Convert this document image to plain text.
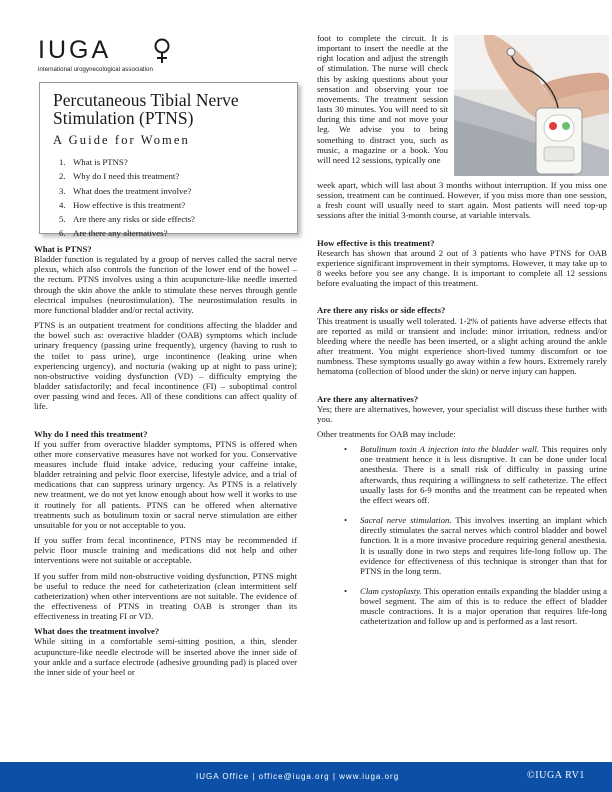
IUGA
international urogynecological association
Percutaneous Tibial Nerve Stimulation (PTNS)
A Guide for Women
1. What is PTNS?
2. Why do I need this treatment?
3. What does the treatment involve?
4. How effective is this treatment?
5. Are there any risks or side effects?
6. Are there any alternatives?
What is PTNS?

Bladder function is regulated by a group of nerves called the sacral nerve plexus, which also controls the function of the lower end of the bowel – the rectum. PTNS involves using a thin acupuncture-like needle inserted through the skin above the ankle to stimulate these nerves through gentle electrical impulses (neurostimulation). The neurostimulation results in more functional bladder and/or rectal activity.

PTNS is an outpatient treatment for conditions affecting the bladder and the bowel such as: overactive bladder (OAB) symptoms which include urinary frequency (passing urine frequently), urgency (having to rush to the toilet to pass urine), urge incontinence (leaking urine when experiencing urgency), and nocturia (waking up at night to pass urine); non-obstructive voiding dysfunction (VD) – difficulty emptying the bladder satisfactorily; and fecal incontinence (FI) – suboptimal control over passing wind and feces. All of these conditions can affect quality of life.

Why do I need this treatment?

If you suffer from overactive bladder symptoms, PTNS is offered when other more conservative measures have not worked for you. Conservative measures include fluid intake advice, reducing your caffeine intake, bladder retraining and pelvic floor exercise, lifestyle advice, and a trial of medications that can suppress urinary urgency. As PTNS is a relatively new treatment, we do not yet know enough about how well it works to use it routinely for all patients. PTNS can be offered when alternative treatments such as botulinum toxin or sacral nerve stimulation are either unsuitable for you or not acceptable to you.

If you suffer from fecal incontinence, PTNS may be recommended if pelvic floor muscle training and medications did not help and other interventions were not suitable or acceptable.

If you suffer from mild non-obstructive voiding dysfunction, PTNS might be useful to reduce the need for catheterization (clean intermittent self catheterization) when other interventions are not suitable. The evidence of the effectiveness of PTNS in treating OAB is stronger than its effectiveness in treating FI or VD.

What does the treatment involve?

While sitting in a comfortable semi-sitting position, a thin, slender acupuncture-like needle electrode will be inserted above the inner side of your ankle and a surface electrode (adhesive grounding pad) is placed over the inner side of your heel or

foot to complete the circuit. It is important to insert the needle at the right location and adjust the strength of stimulation. The nurse will check this by asking questions about your sensation and observing your toe movements. The treatment session lasts 30 minutes. You will need to sit during this time and not move your leg. We advise you to bring something to distract you, such as music, a magazine or a book. You will need 12 sessions, typically one

week apart, which will last about 3 months without interruption. If you miss one session, treatment can be continued. However, if you miss more than one session, a fresh count will usually need to start again. Most patients will need top-up sessions after the initial 3-month course, at variable intervals.

How effective is this treatment?

Research has shown that around 2 out of 3 patients who have PTNS for OAB experience significant improvement in their symptoms. However, it may take up to 8 weeks before you see any change. It is important to complete all 12 sessions before evaluating the impact of this treatment.

Are there any risks or side effects?

This treatment is usually well tolerated. 1-2% of patients have adverse effects that are reported as mild or transient and include: minor irritation, redness and/or bleeding where the needle has been inserted, or a slight aching around the ankle after treatment. You might experience short-lived tummy discomfort or toe numbness. These symptoms usually go away within a few hours. Extremely rarely hematoma (collection of blood under the skin) or nerve injury can happen.

Are there any alternatives?

Yes; there are alternatives, however, your specialist will discuss these further with you.

Other treatments for OAB may include:

• Botulinum toxin A injection into the bladder wall. This requires only one treatment hence it is less disruptive. It can be done under local anesthesia. There is a small risk of difficulty in passing urine afterwards, thus requiring a willingness to self catheterize. The effect usually lasts for 6-9 months and the treatment can be repeated when the effect wears off.
• Sacral nerve stimulation. This involves inserting an implant which directly stimulates the sacral nerves which control bladder and bowel function. It is a more invasive procedure requiring general anesthesia. It is usually done in two steps and requires life-long follow up. The evidence for effectiveness of this technique is stronger than that for PTNS in the long term.
• Clam cystoplasty. This operation entails expanding the bladder using a bowel segment. The aim of this is to reduce the effect of bladder muscle contractions. It is a major operation that requires life-long catheterization and follow up and is performed as a last resort.
IUGA Office | office@iuga.org | www.iuga.org	©IUGA RV1
